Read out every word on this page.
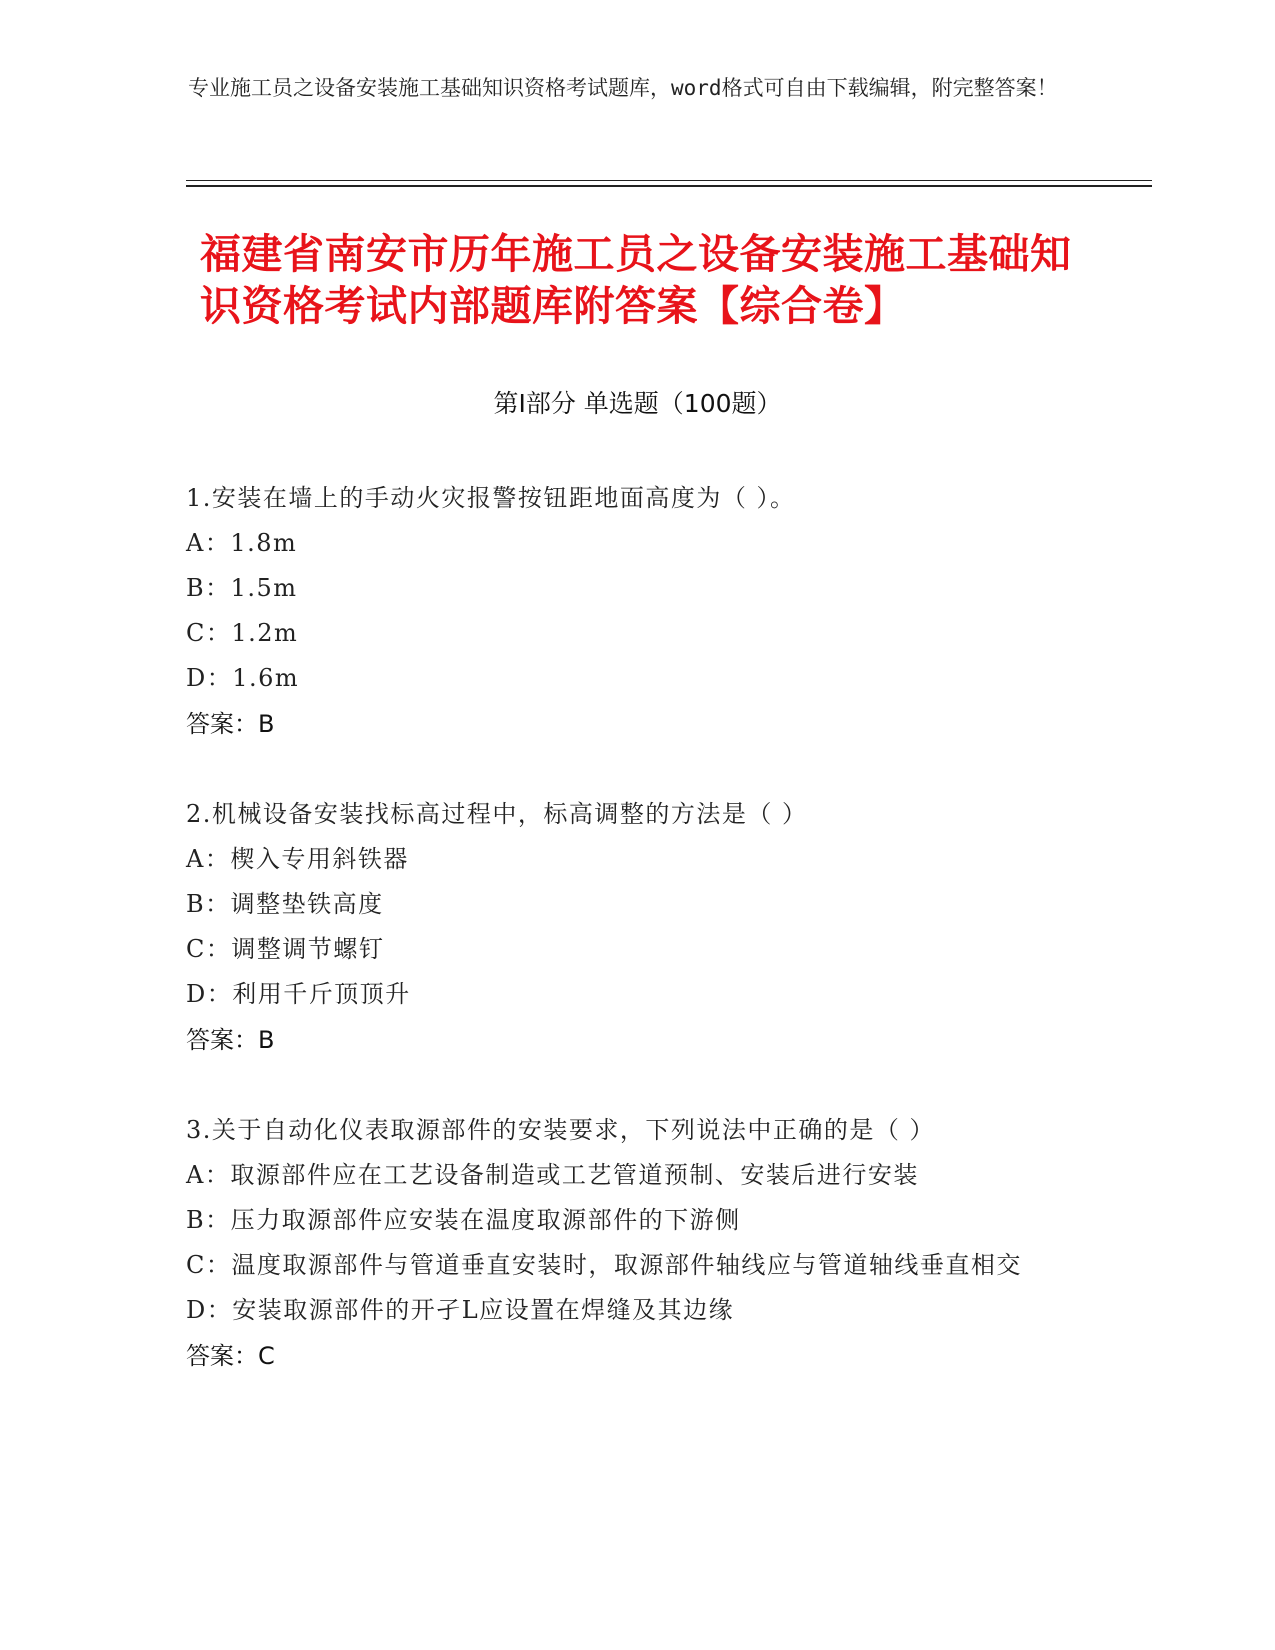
专业施工员之设备安装施工基础知识资格考试题库，word格式可自由下载编辑，附完整答案！
福建省南安市历年施工员之设备安装施工基础知识资格考试内部题库附答案【综合卷】
第Ⅰ部分 单选题（100题）
1.安装在墙上的手动火灾报警按钮距地面高度为（ ）。
A：1.8m
B：1.5m
C：1.2m
D：1.6m
答案：B
2.机械设备安装找标高过程中，标高调整的方法是（ ）
A：楔入专用斜铁器
B：调整垫铁高度
C：调整调节螺钉
D：利用千斤顶顶升
答案：B
3.关于自动化仪表取源部件的安装要求，下列说法中正确的是（ ）
A：取源部件应在工艺设备制造或工艺管道预制、安装后进行安装
B：压力取源部件应安装在温度取源部件的下游侧
C：温度取源部件与管道垂直安装时，取源部件轴线应与管道轴线垂直相交
D：安装取源部件的开孑L应设置在焊缝及其边缘
答案：C
